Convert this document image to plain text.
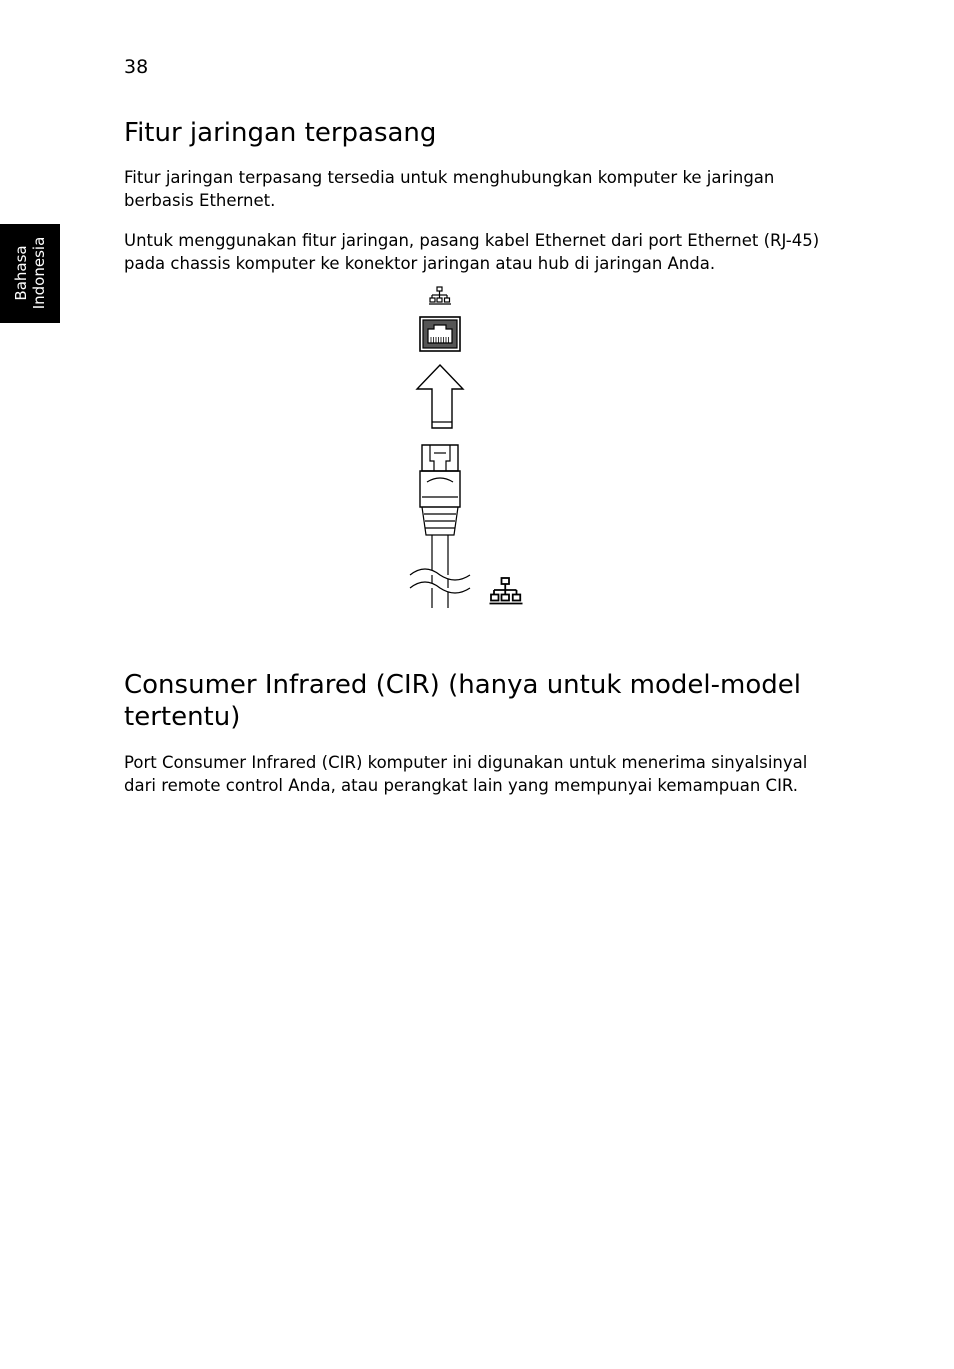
38
Bahasa Indonesia
Fitur jaringan terpasang

Fitur jaringan terpasang tersedia untuk menghubungkan komputer ke jaringan berbasis Ethernet.

Untuk menggunakan fitur jaringan, pasang kabel Ethernet dari port Ethernet (RJ-45) pada chassis komputer ke konektor jaringan atau hub di jaringan Anda.

Consumer Infrared (CIR) (hanya untuk model-model tertentu)

Port Consumer Infrared (CIR) komputer ini digunakan untuk menerima sinyalsinyal dari remote control Anda, atau perangkat lain yang mempunyai kemampuan CIR.
